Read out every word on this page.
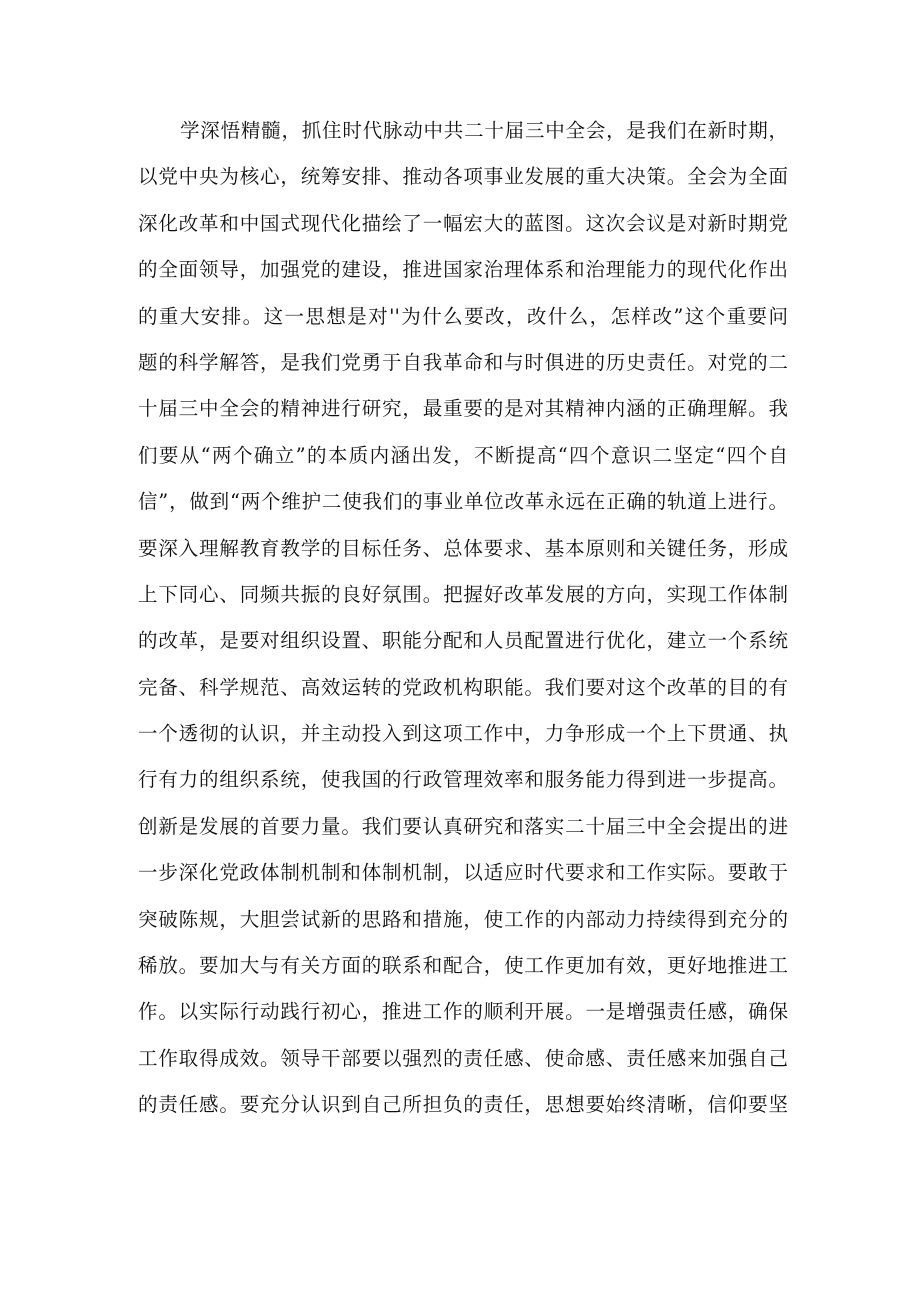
学深悟精髓，抓住时代脉动中共二十届三中全会，是我们在新时期，
以党中央为核心，统筹安排、推动各项事业发展的重大决策。全会为全面
深化改革和中国式现代化描绘了一幅宏大的蓝图。这次会议是对新时期党
的全面领导，加强党的建设，推进国家治理体系和治理能力的现代化作出
的重大安排。这一思想是对''为什么要改，改什么，怎样改”这个重要问
题的科学解答，是我们党勇于自我革命和与时俱进的历史责任。对党的二
十届三中全会的精神进行研究，最重要的是对其精神内涵的正确理解。我
们要从“两个确立”的本质内涵出发，不断提高“四个意识二坚定“四个自
信”，做到“两个维护二使我们的事业单位改革永远在正确的轨道上进行。
要深入理解教育教学的目标任务、总体要求、基本原则和关键任务，形成
上下同心、同频共振的良好氛围。把握好改革发展的方向，实现工作体制
的改革，是要对组织设置、职能分配和人员配置进行优化，建立一个系统
完备、科学规范、高效运转的党政机构职能。我们要对这个改革的目的有
一个透彻的认识，并主动投入到这项工作中，力争形成一个上下贯通、执
行有力的组织系统，使我国的行政管理效率和服务能力得到进一步提高。
创新是发展的首要力量。我们要认真研究和落实二十届三中全会提出的进
一步深化党政体制机制和体制机制，以适应时代要求和工作实际。要敢于
突破陈规，大胆尝试新的思路和措施，使工作的内部动力持续得到充分的
稀放。要加大与有关方面的联系和配合，使工作更加有效，更好地推进工
作。以实际行动践行初心，推进工作的顺利开展。一是增强责任感，确保
工作取得成效。领导干部要以强烈的责任感、使命感、责任感来加强自己
的责任感。要充分认识到自己所担负的责任，思想要始终清晰，信仰要坚
